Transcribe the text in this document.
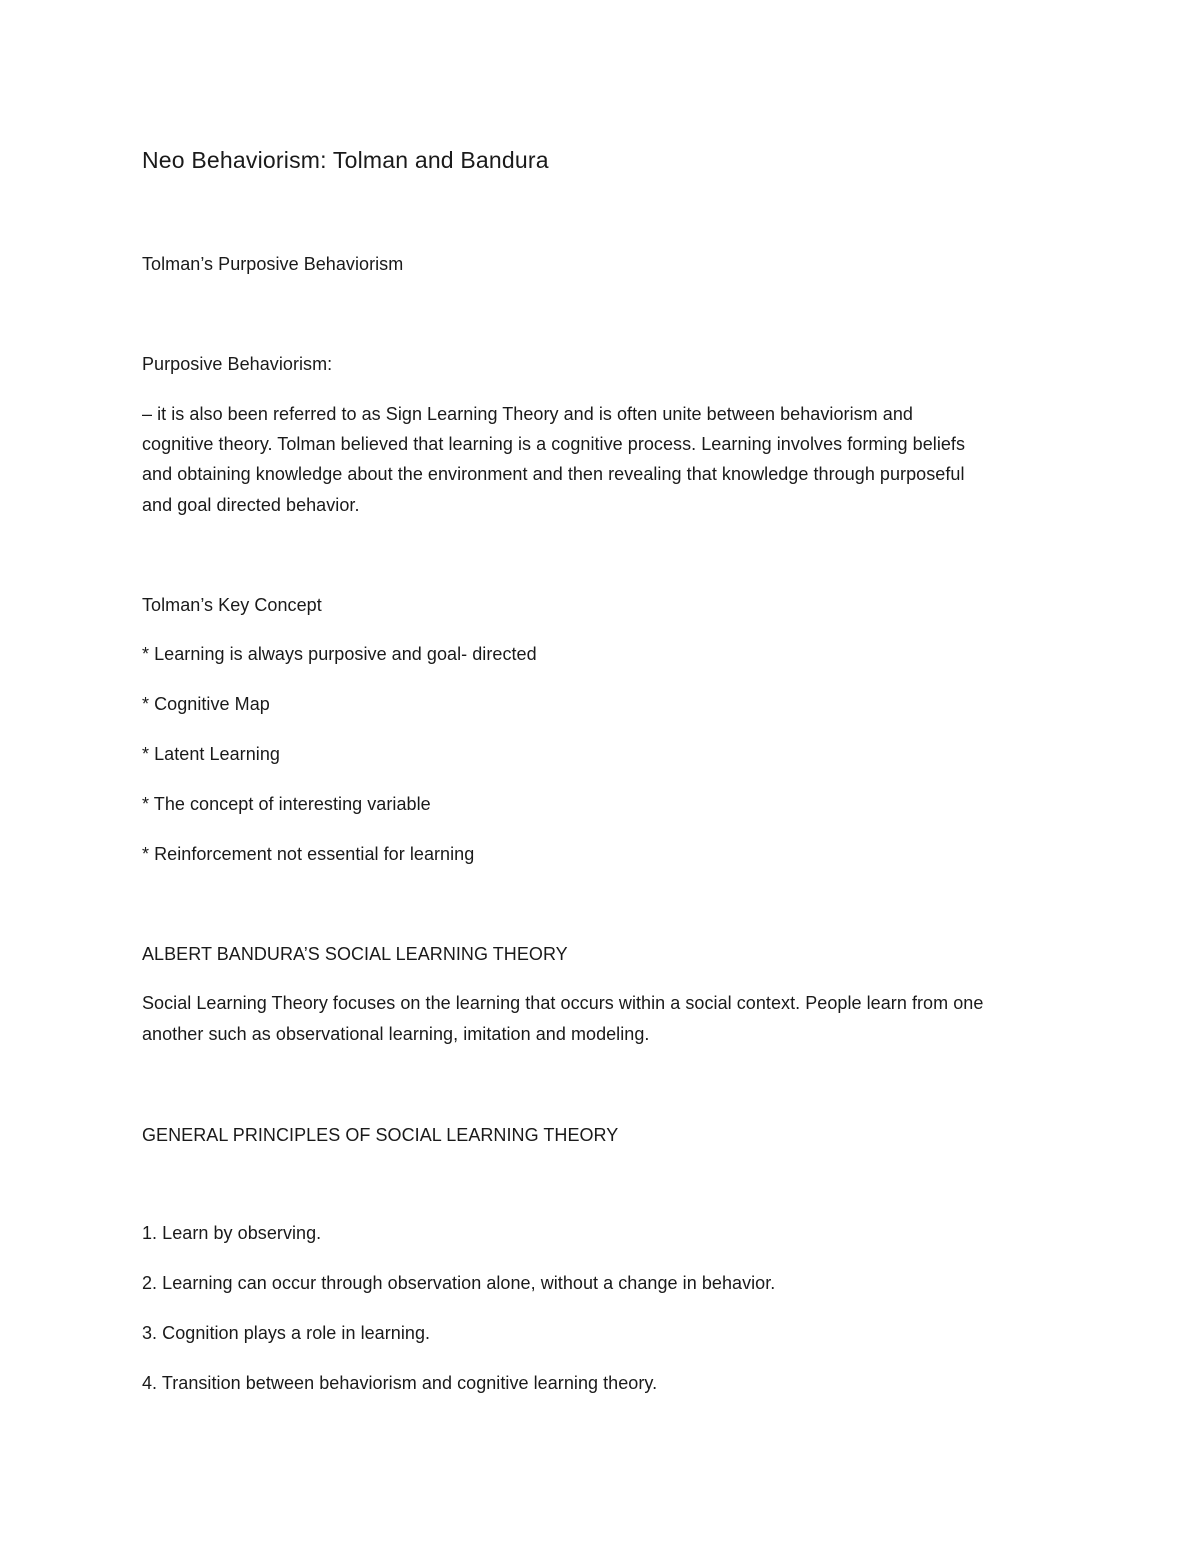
Neo Behaviorism: Tolman and Bandura
Tolman’s Purposive Behaviorism
Purposive Behaviorism:
– it is also been referred to as Sign Learning Theory and is often unite between behaviorism and
cognitive theory. Tolman believed that learning is a cognitive process. Learning involves forming beliefs
and obtaining knowledge about the environment and then revealing that knowledge through purposeful
and goal directed behavior.
Tolman’s Key Concept
* Learning is always purposive and goal- directed
* Cognitive Map
* Latent Learning
* The concept of interesting variable
* Reinforcement not essential for learning
ALBERT BANDURA’S SOCIAL LEARNING THEORY
Social Learning Theory focuses on the learning that occurs within a social context. People learn from one
another such as observational learning, imitation and modeling.
GENERAL PRINCIPLES OF SOCIAL LEARNING THEORY
1. Learn by observing.
2. Learning can occur through observation alone, without a change in behavior.
3. Cognition plays a role in learning.
4. Transition between behaviorism and cognitive learning theory.
